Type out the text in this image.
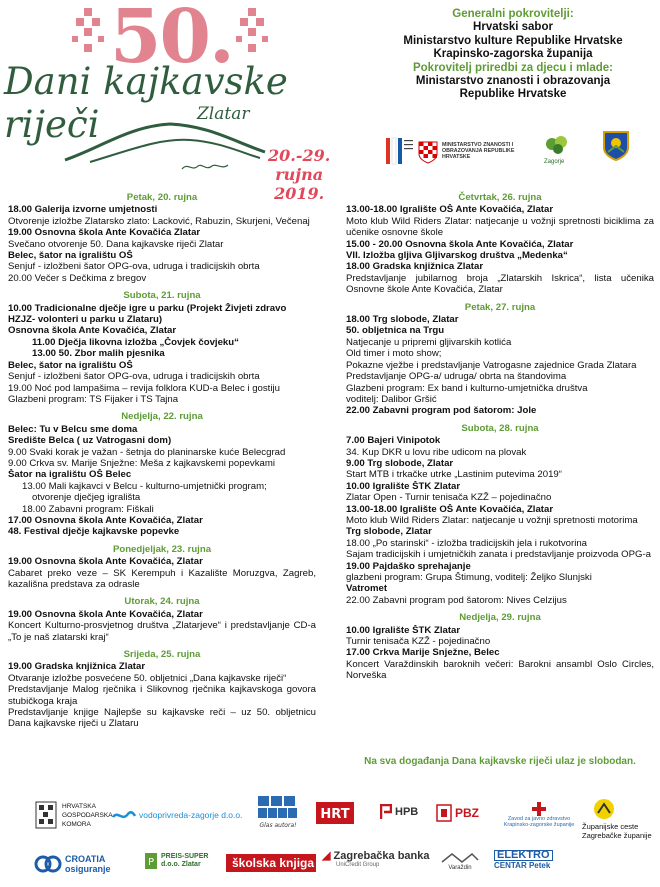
50.
Dani kajkavske riječi	Zlatar
20.-29. rujna
2019.
Generalni pokrovitelji:
Hrvatski sabor
Ministarstvo kulture Republike Hrvatske
Krapinsko-zagorska županija
Pokrovitelj priredbi za djecu i mlade:
Ministarstvo znanosti i obrazovanja
Republike Hrvatske
MINISTARSTVO ZNANOSTI I OBRAZOVANJA REPUBLIKE HRVATSKE
Zagorje
Petak, 20. rujna
18.00 Galerija izvorne umjetnosti
Otvorenje izložbe Zlatarsko zlato: Lacković, Rabuzin, Skurjeni, Večenaj
19.00 Osnovna škola Ante Kovačića Zlatar
Svečano otvorenje 50. Dana kajkavske riječi Zlatar
Belec, šator na igralištu OŠ
Senjuf - izložbeni šator OPG-ova, udruga i tradicijskih obrta
20.00 Večer s Dečkima z bregov
Subota, 21. rujna
10.00 Tradicionalne dječje igre u parku (Projekt Živjeti zdravo
HZJZ- volonteri u parku u Zlataru)
Osnovna škola Ante Kovačića, Zlatar
11.00 Dječja likovna izložba „Čovjek čovjeku“
13.00 50. Zbor malih pjesnika
Belec, šator na igralištu OŠ
Senjuf - izložbeni šator OPG-ova, udruga i tradicijskih obrta
19.00 Noć pod lampašima – revija folklora KUD-a Belec i gostiju
Glazbeni program: TS Fijaker i TS Tajna
Nedjelja, 22. rujna
Belec: Tu v Belcu sme doma
Središte Belca ( uz Vatrogasni dom)
9.00 Svaki korak je važan - šetnja do planinarske kuće Belecgrad
9.00 Crkva sv. Marije Snježne: Meša z kajkavskemi popevkami
Šator na igralištu OŠ Belec
13.00 Mali kajkavci v Belcu - kulturno-umjetnički program;
otvorenje dječjeg igrališta
18.00 Zabavni program: Fiškali
17.00 Osnovna škola Ante Kovačića, Zlatar
48. Festival dječje kajkavske popevke
Ponedjeljak, 23. rujna
19.00 Osnovna škola Ante Kovačića, Zlatar
Cabaret preko veze – SK Kerempuh i Kazalište Moruzgva, Zagreb, kazališna predstava za odrasle
Utorak, 24. rujna
19.00 Osnovna škola Ante Kovačića, Zlatar
Koncert Kulturno-prosvjetnog društva „Zlatarjeve“ i predstavljanje CD-a „To je naš zlatarski kraj“
Srijeda, 25. rujna
19.00 Gradska knjižnica Zlatar
Otvaranje izložbe posvećene 50. obljetnici „Dana kajkavske riječi“
Predstavljanje Malog rječnika i Slikovnog rječnika kajkavskoga govora stubičkoga kraja
Predstavljanje knjige Najlepše su kajkavske reči – uz 50. obljetnicu Dana kajkavske riječi u Zlataru
Četvrtak, 26. rujna
13.00-18.00 Igralište OŠ Ante Kovačića, Zlatar
Moto klub Wild Riders Zlatar: natjecanje u vožnji spretnosti biciklima za učenike osnovne škole
15.00 - 20.00 Osnovna škola Ante Kovačića, Zlatar
VII. Izložba gljiva Gljivarskog društva „Medenka“
18.00 Gradska knjižnica Zlatar
Predstavljanje jubilarnog broja „Zlatarskih Iskrica“, lista učenika Osnovne škole Ante Kovačića, Zlatar
Petak, 27. rujna
18.00 Trg slobode, Zlatar
50. obljetnica na Trgu
Natjecanje u pripremi gljivarskih kotlića
Old timer i moto show;
Pokazne vježbe i predstavljanje Vatrogasne zajednice Grada Zlatara
Predstavljanje OPG-a/ udruga/ obrta na štandovima
Glazbeni program: Ex band i kulturno-umjetnička društva
voditelj: Dalibor Gršić
22.00 Zabavni program pod šatorom: Jole
Subota, 28. rujna
7.00 Bajeri Vinipotok
34. Kup DKR u lovu ribe udicom na plovak
9.00 Trg slobode, Zlatar
Start MTB i trkačke utrke „Lastinim putevima 2019“
10.00 Igralište ŠTK Zlatar
Zlatar Open - Turnir tenisača KZŽ – pojedinačno
13.00-18.00 Igralište OŠ Ante Kovačića, Zlatar
Moto klub Wild Riders Zlatar: natjecanje u vožnji spretnosti motorima
Trg slobode, Zlatar
18.00 „Po starinski“ - izložba tradicijskih jela i rukotvorina
Sajam tradicijskih i umjetničkih zanata i predstavljanje proizvoda OPG-a
19.00 Pajdaško sprehajanje
glazbeni program: Grupa Štimung, voditelj: Željko Slunjski
Vatromet
22.00 Zabavni program pod šatorom: Nives Celzijus
Nedjelja, 29. rujna
10.00 Igralište ŠTK Zlatar
Turnir tenisača KZŽ - pojedinačno
17.00 Crkva Marije Snježne, Belec
Koncert Varaždinskih baroknih večeri: Barokni ansambl Oslo Circles, Norveška
Na sva događanja Dana kajkavske riječi ulaz je slobodan.
HRVATSKA GOSPODARSKA KOMORA
vodoprivreda-zagorje d.o.o.
Glas autora!
HRT	HPB	PBZ	Zavod za javno zdravstvo Krapinsko-zagorske županije	Županijske ceste Zagrebačke županije
CROATIA osiguranje
P
PREIS-SUPER d.o.o. Zlatar	školska knjiga ◢ Zagrebačka banka
UniCredit Group	Varaždin
ELEKTRO
CENTAR Petek
